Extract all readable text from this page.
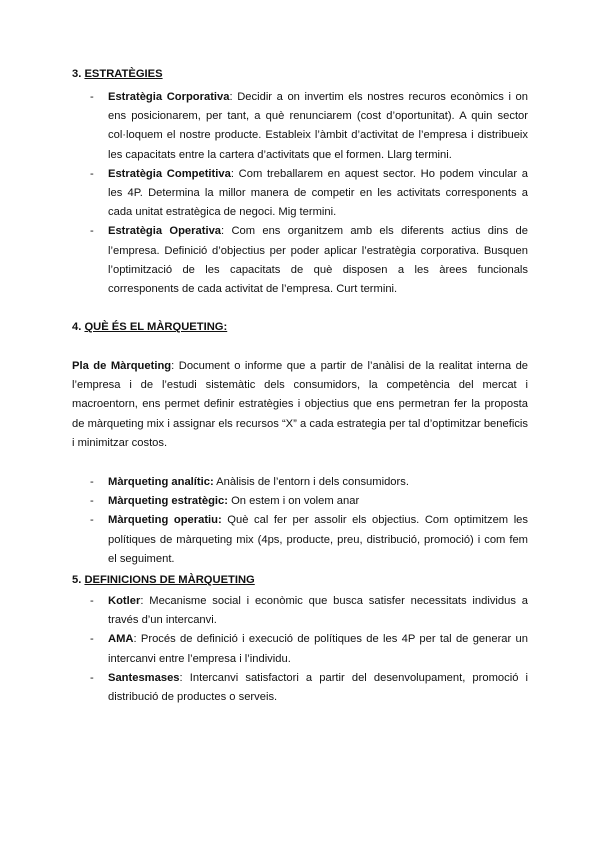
3. ESTRATÈGIES
- Estratègia Corporativa: Decidir a on invertim els nostres recuros econòmics i on ens posicionarem, per tant, a què renunciarem (cost d’oportunitat). A quin sector col·loquem el nostre producte. Estableix l’àmbit d’activitat de l’empresa i distribueix les capacitats entre la cartera d’activitats que el formen. Llarg termini.
- Estratègia Competitiva: Com treballarem en aquest sector. Ho podem vincular a les 4P. Determina la millor manera de competir en les activitats corresponents a cada unitat estratègica de negoci. Mig termini.
- Estratègia Operativa: Com ens organitzem amb els diferents actius dins de l’empresa. Definició d’objectius per poder aplicar l’estratègia corporativa. Busquen l’optimització de les capacitats de què disposen a les àrees funcionals corresponents de cada activitat de l’empresa. Curt termini.
4. QUÈ ÉS EL MÀRQUETING:

Pla de Màrqueting: Document o informe que a partir de l’anàlisi de la realitat interna de l’empresa i de l’estudi sistemàtic dels consumidors, la competència del mercat i macroentorn, ens permet definir estratègies i objectius que ens permetran fer la proposta de màrqueting mix i assignar els recursos “X” a cada estrategia per tal d’optimitzar beneficis i minimitzar costos.

- Màrqueting analític: Anàlisis de l’entorn i dels consumidors.
- Màrqueting estratègic: On estem i on volem anar
- Màrqueting operatiu: Què cal fer per assolir els objectius. Com optimitzem les polítiques de màrqueting mix (4ps, producte, preu, distribució, promoció) i com fem el seguiment.
5. DEFINICIONS DE MÀRQUETING
- Kotler: Mecanisme social i econòmic que busca satisfer necessitats individus a través d’un intercanvi.
- AMA: Procés de definició i execució de polítiques de les 4P per tal de generar un intercanvi entre l’empresa i l’individu.
- Santesmases: Intercanvi satisfactori a partir del desenvolupament, promoció i distribució de productes o serveis.
